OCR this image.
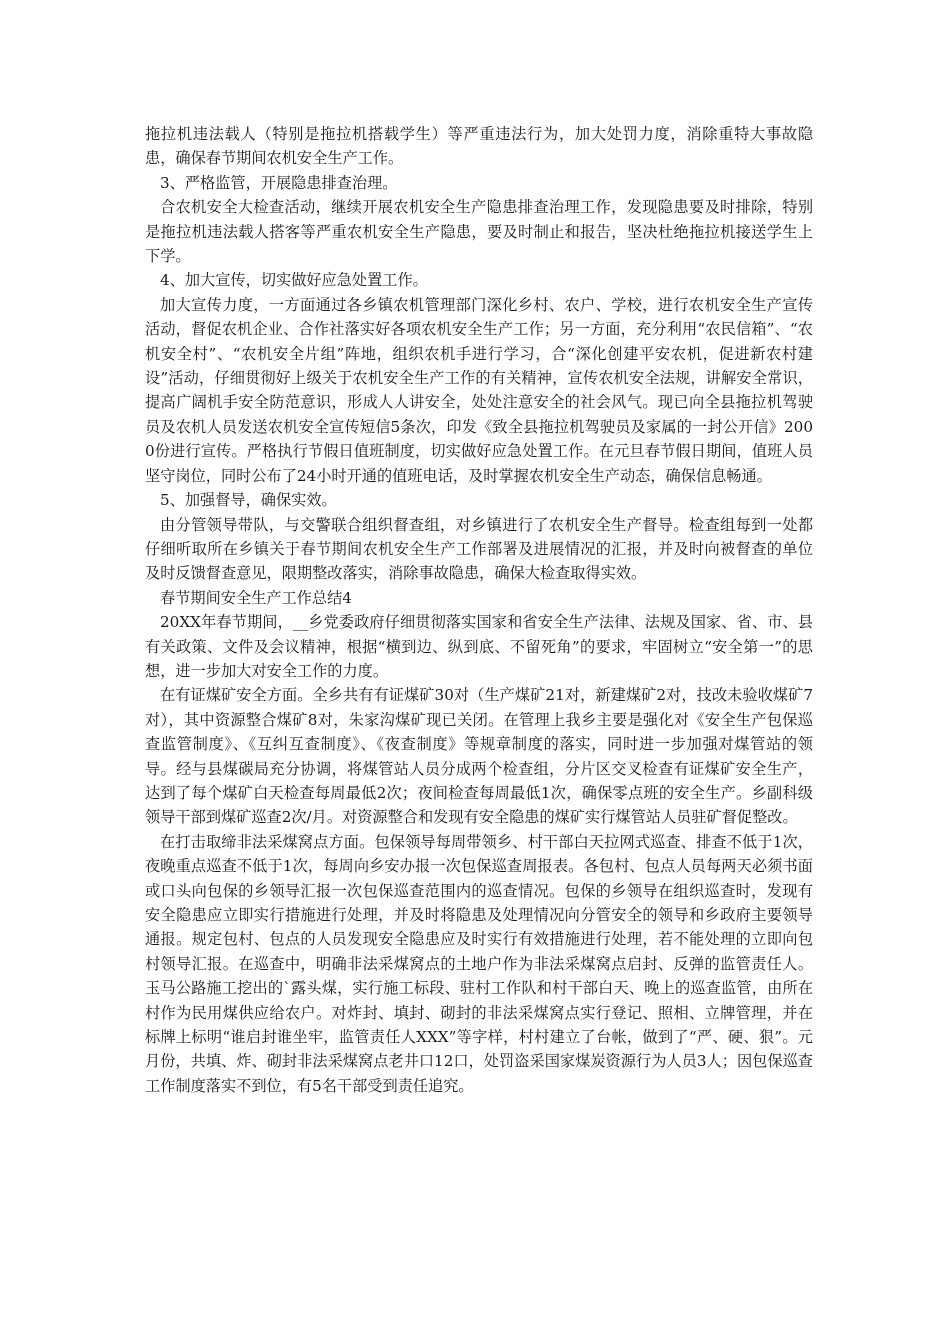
拖拉机违法载人（特别是拖拉机搭载学生）等严重违法行为，加大处罚力度，消除重特大事故隐患，确保春节期间农机安全生产工作。

3、严格监管，开展隐患排查治理。

合农机安全大检查活动，继续开展农机安全生产隐患排查治理工作，发现隐患要及时排除，特别是拖拉机违法载人搭客等严重农机安全生产隐患，要及时制止和报告，坚决杜绝拖拉机接送学生上下学。

4、加大宣传，切实做好应急处置工作。

加大宣传力度，一方面通过各乡镇农机管理部门深化乡村、农户、学校，进行农机安全生产宣传活动，督促农机企业、合作社落实好各项农机安全生产工作；另一方面，充分利用“农民信箱”、“农机安全村”、“农机安全片组”阵地，组织农机手进行学习，合“深化创建平安农机，促进新农村建设”活动，仔细贯彻好上级关于农机安全生产工作的有关精神，宣传农机安全法规，讲解安全常识，提高广阔机手安全防范意识，形成人人讲安全，处处注意安全的社会风气。现已向全县拖拉机驾驶员及农机人员发送农机安全宣传短信5条次，印发《致全县拖拉机驾驶员及家属的一封公开信》2000份进行宣传。严格执行节假日值班制度，切实做好应急处置工作。在元旦春节假日期间，值班人员坚守岗位，同时公布了24小时开通的值班电话，及时掌握农机安全生产动态，确保信息畅通。

5、加强督导，确保实效。

由分管领导带队，与交警联合组织督查组，对乡镇进行了农机安全生产督导。检查组每到一处都仔细听取所在乡镇关于春节期间农机安全生产工作部署及进展情况的汇报，并及时向被督查的单位及时反馈督查意见，限期整改落实，消除事故隐患，确保大检查取得实效。

春节期间安全生产工作总结4

20XX年春节期间，__乡党委政府仔细贯彻落实国家和省安全生产法律、法规及国家、省、市、县有关政策、文件及会议精神，根据“横到边、纵到底、不留死角”的要求，牢固树立“安全第一”的思想，进一步加大对安全工作的力度。

在有证煤矿安全方面。全乡共有有证煤矿30对（生产煤矿21对，新建煤矿2对，技改未验收煤矿7对），其中资源整合煤矿8对，朱家沟煤矿现已关闭。在管理上我乡主要是强化对《安全生产包保巡查监管制度》、《互纠互查制度》、《夜查制度》等规章制度的落实，同时进一步加强对煤管站的领导。经与县煤碳局充分协调，将煤管站人员分成两个检查组，分片区交叉检查有证煤矿安全生产，达到了每个煤矿白天检查每周最低2次；夜间检查每周最低1次，确保零点班的安全生产。乡副科级领导干部到煤矿巡查2次/月。对资源整合和发现有安全隐患的煤矿实行煤管站人员驻矿督促整改。

在打击取缔非法采煤窝点方面。包保领导每周带领乡、村干部白天拉网式巡查、排查不低于1次，夜晚重点巡查不低于1次，每周向乡安办报一次包保巡查周报表。各包村、包点人员每两天必须书面或口头向包保的乡领导汇报一次包保巡查范围内的巡查情况。包保的乡领导在组织巡查时，发现有安全隐患应立即实行措施进行处理，并及时将隐患及处理情况向分管安全的领导和乡政府主要领导通报。规定包村、包点的人员发现安全隐患应及时实行有效措施进行处理，若不能处理的立即向包村领导汇报。在巡查中，明确非法采煤窝点的土地户作为非法采煤窝点启封、反弹的监管责任人。玉马公路施工挖出的`露头煤，实行施工标段、驻村工作队和村干部白天、晚上的巡查监管，由所在村作为民用煤供应给农户。对炸封、填封、砌封的非法采煤窝点实行登记、照相、立牌管理，并在标牌上标明“谁启封谁坐牢，监管责任人XXX”等字样，村村建立了台帐，做到了“严、硬、狠”。元月份，共填、炸、砌封非法采煤窝点老井口12口，处罚盗采国家煤炭资源行为人员3人；因包保巡查工作制度落实不到位，有5名干部受到责任追究。
